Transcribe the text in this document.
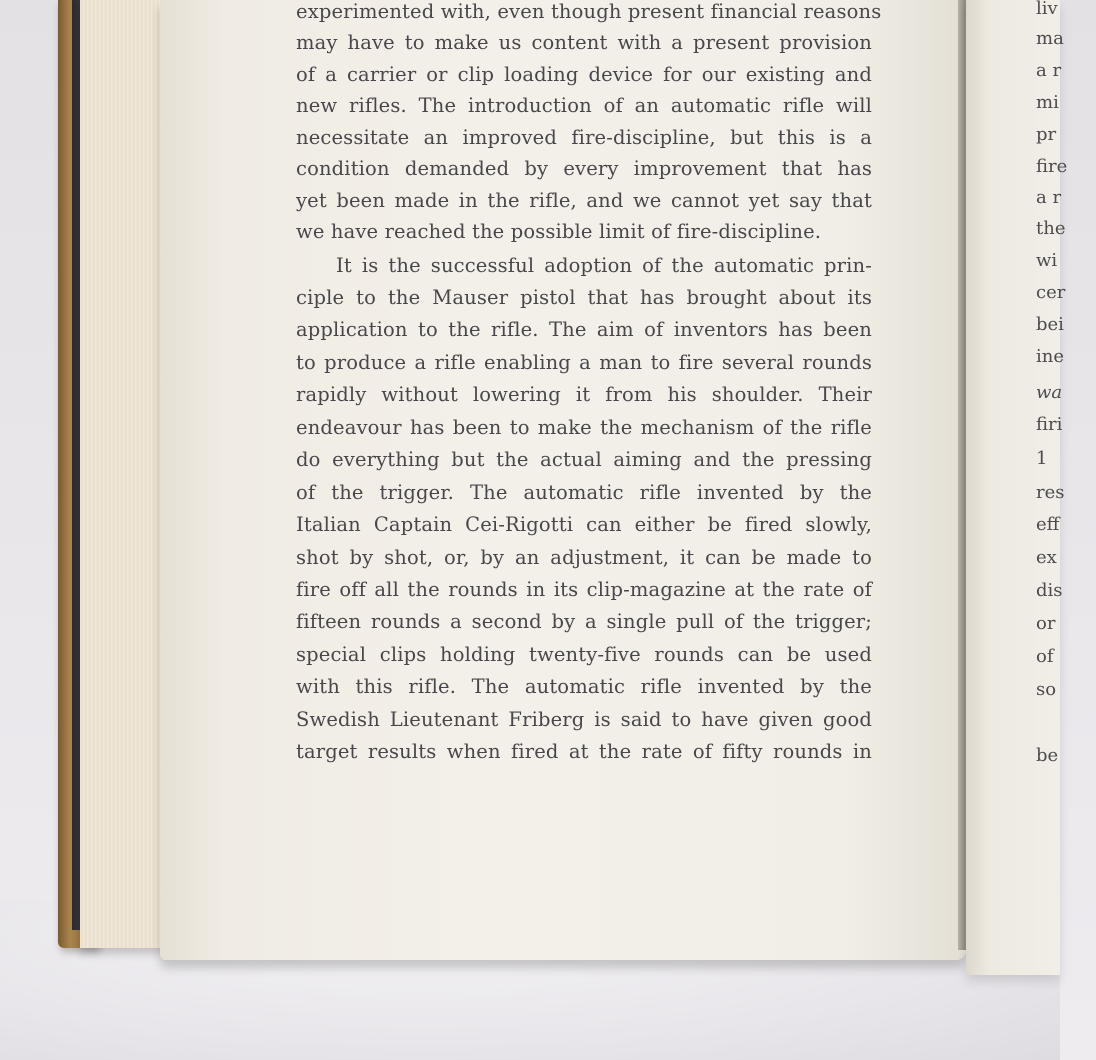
experimented with, even though present financial reasons
may have to make us content with a present provision
of a carrier or clip loading device for our existing and
new rifles. The introduction of an automatic rifle will
necessitate an improved fire-discipline, but this is a
condition demanded by every improvement that has
yet been made in the rifle, and we cannot yet say that
we have reached the possible limit of fire-discipline.
It is the successful adoption of the automatic prin-
ciple to the Mauser pistol that has brought about its
application to the rifle. The aim of inventors has been
to produce a rifle enabling a man to fire several rounds
rapidly without lowering it from his shoulder. Their
endeavour has been to make the mechanism of the rifle
do everything but the actual aiming and the pressing
of the trigger. The automatic rifle invented by the
Italian Captain Cei-Rigotti can either be fired slowly,
shot by shot, or, by an adjustment, it can be made to
fire off all the rounds in its clip-magazine at the rate of
fifteen rounds a second by a single pull of the trigger;
special clips holding twenty-five rounds can be used
with this rifle. The automatic rifle invented by the
Swedish Lieutenant Friberg is said to have given good
target results when fired at the rate of fifty rounds in
liv
ma
a r
mi
pr
fire
a r
the
wi
cer
bei
ine
wa
firi
1
res
eff
ex
dis
or
of
so
be
